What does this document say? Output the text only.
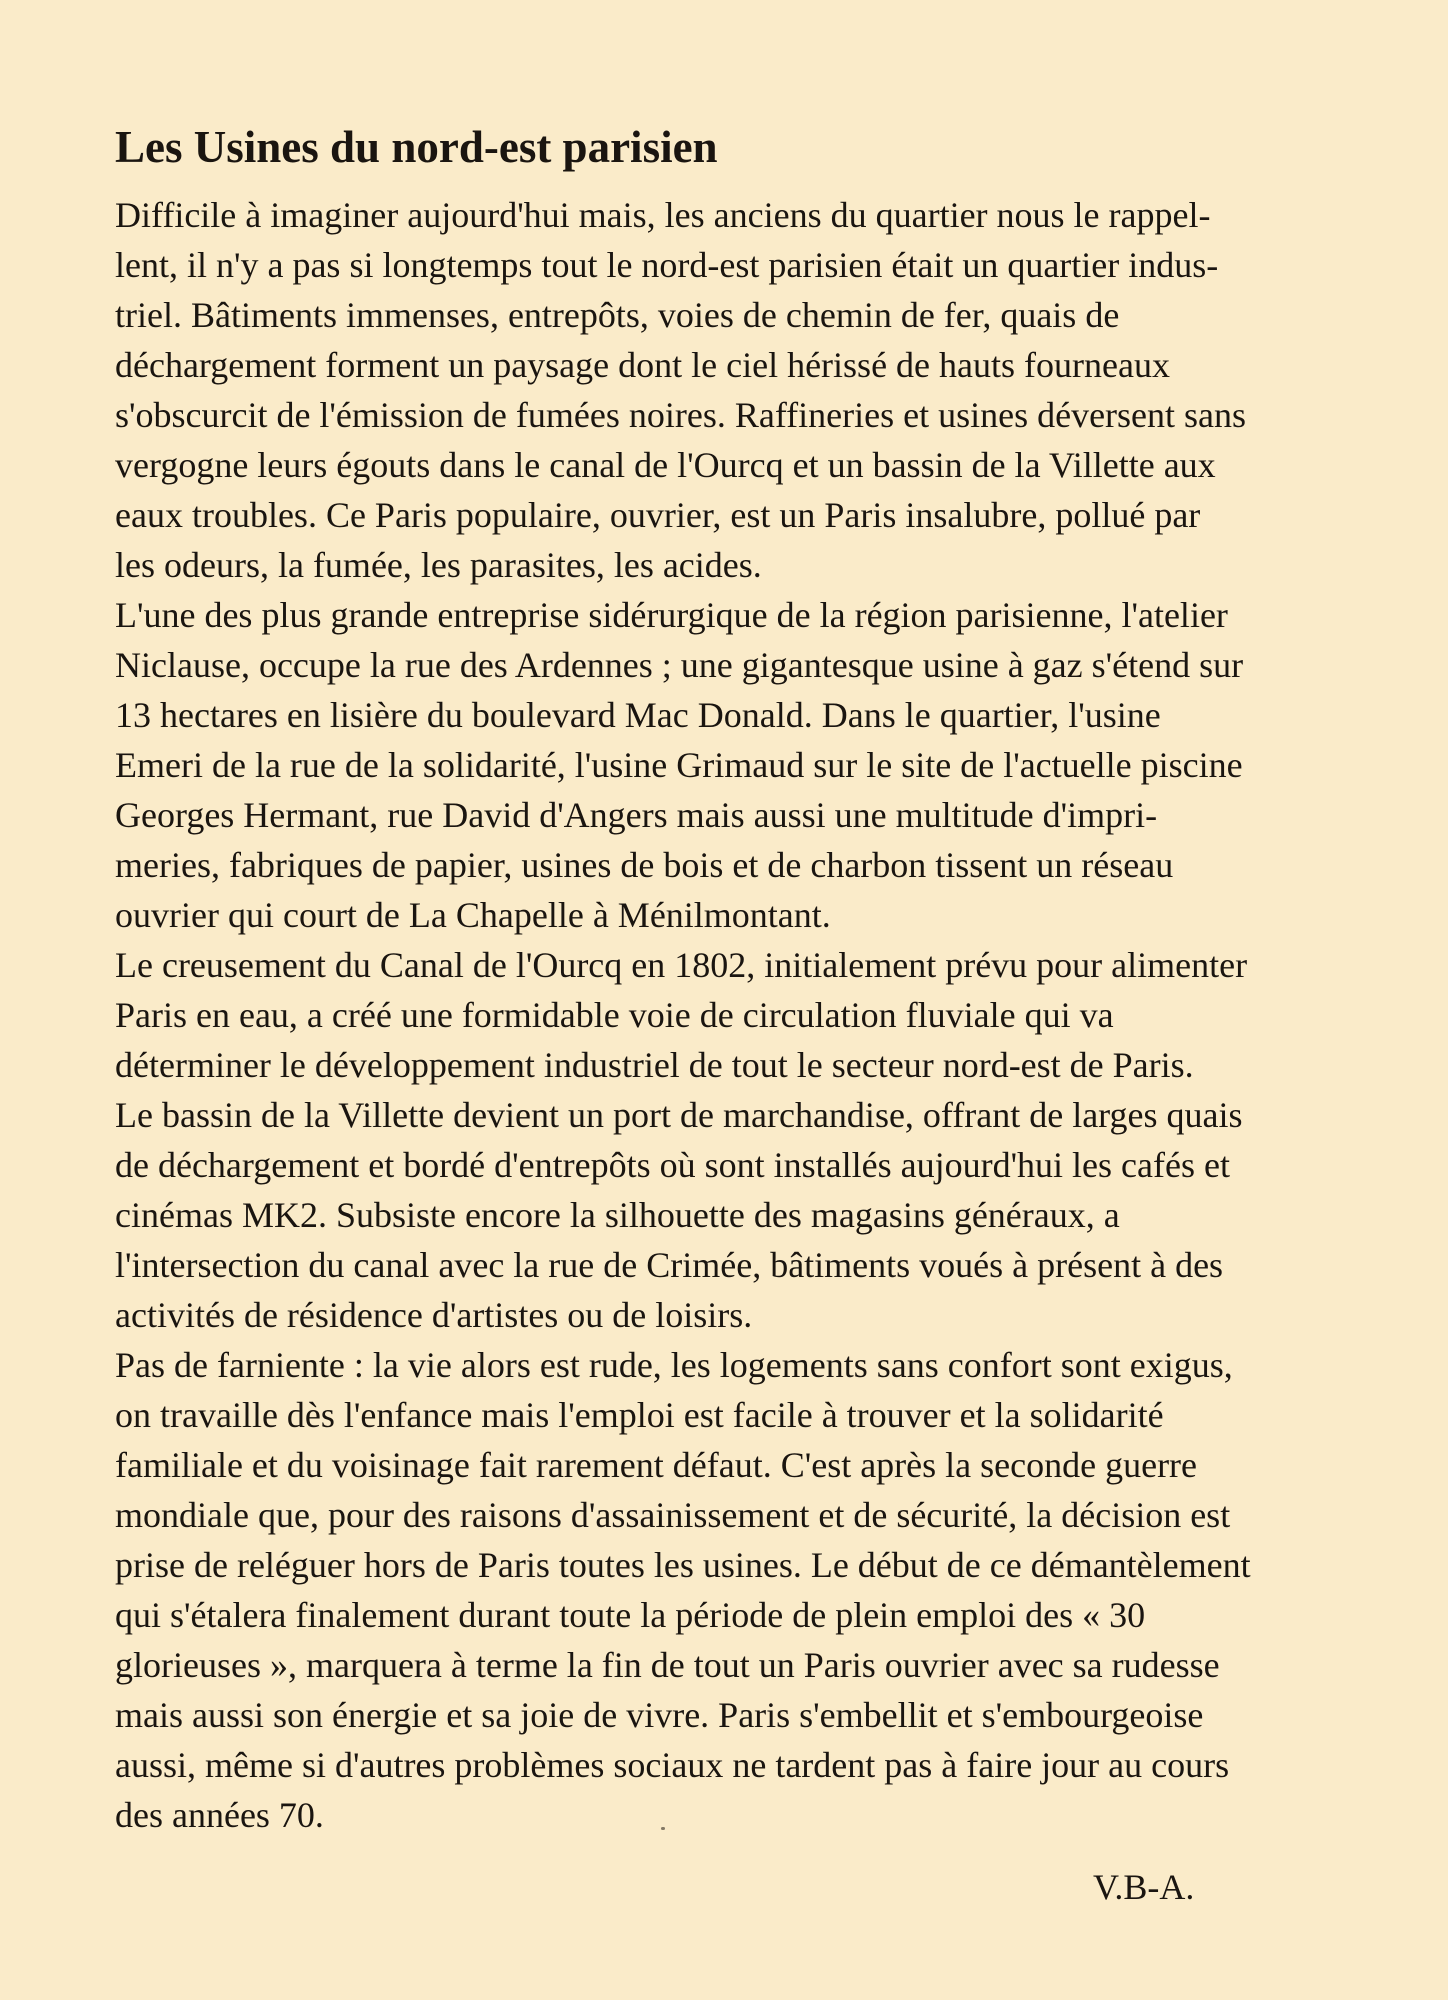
Les Usines du nord-est parisien
Difficile à imaginer aujourd'hui mais, les anciens du quartier nous le rappel-
lent, il n'y a pas si longtemps tout le nord-est parisien était un quartier indus-
triel. Bâtiments immenses, entrepôts, voies de chemin de fer, quais de
déchargement forment un paysage dont le ciel hérissé de hauts fourneaux
s'obscurcit de l'émission de fumées noires. Raffineries et usines déversent sans
vergogne leurs égouts dans le canal de l'Ourcq et un bassin de la Villette aux
eaux troubles. Ce Paris populaire, ouvrier, est un Paris insalubre, pollué par
les odeurs, la fumée, les parasites, les acides.
L'une des plus grande entreprise sidérurgique de la région parisienne, l'atelier
Niclause, occupe la rue des Ardennes ; une gigantesque usine à gaz s'étend sur
13 hectares en lisière du boulevard Mac Donald. Dans le quartier, l'usine
Emeri de la rue de la solidarité, l'usine Grimaud sur le site de l'actuelle piscine
Georges Hermant, rue David d'Angers mais aussi une multitude d'impri-
meries, fabriques de papier, usines de bois et de charbon tissent un réseau
ouvrier qui court de La Chapelle à Ménilmontant.
Le creusement du Canal de l'Ourcq en 1802, initialement prévu pour alimenter
Paris en eau, a créé une formidable voie de circulation fluviale qui va
déterminer le développement industriel de tout le secteur nord-est de Paris.
Le bassin de la Villette devient un port de marchandise, offrant de larges quais
de déchargement et bordé d'entrepôts où sont installés aujourd'hui les cafés et
cinémas MK2. Subsiste encore la silhouette des magasins généraux, a
l'intersection du canal avec la rue de Crimée, bâtiments voués à présent à des
activités de résidence d'artistes ou de loisirs.
Pas de farniente : la vie alors est rude, les logements sans confort sont exigus,
on travaille dès l'enfance mais l'emploi est facile à trouver et la solidarité
familiale et du voisinage fait rarement défaut. C'est après la seconde guerre
mondiale que, pour des raisons d'assainissement et de sécurité, la décision est
prise de reléguer hors de Paris toutes les usines. Le début de ce démantèlement
qui s'étalera finalement durant toute la période de plein emploi des « 30
glorieuses », marquera à terme la fin de tout un Paris ouvrier avec sa rudesse
mais aussi son énergie et sa joie de vivre. Paris s'embellit et s'embourgeoise
aussi, même si d'autres problèmes sociaux ne tardent pas à faire jour au cours
des années 70.
V.B-A.
